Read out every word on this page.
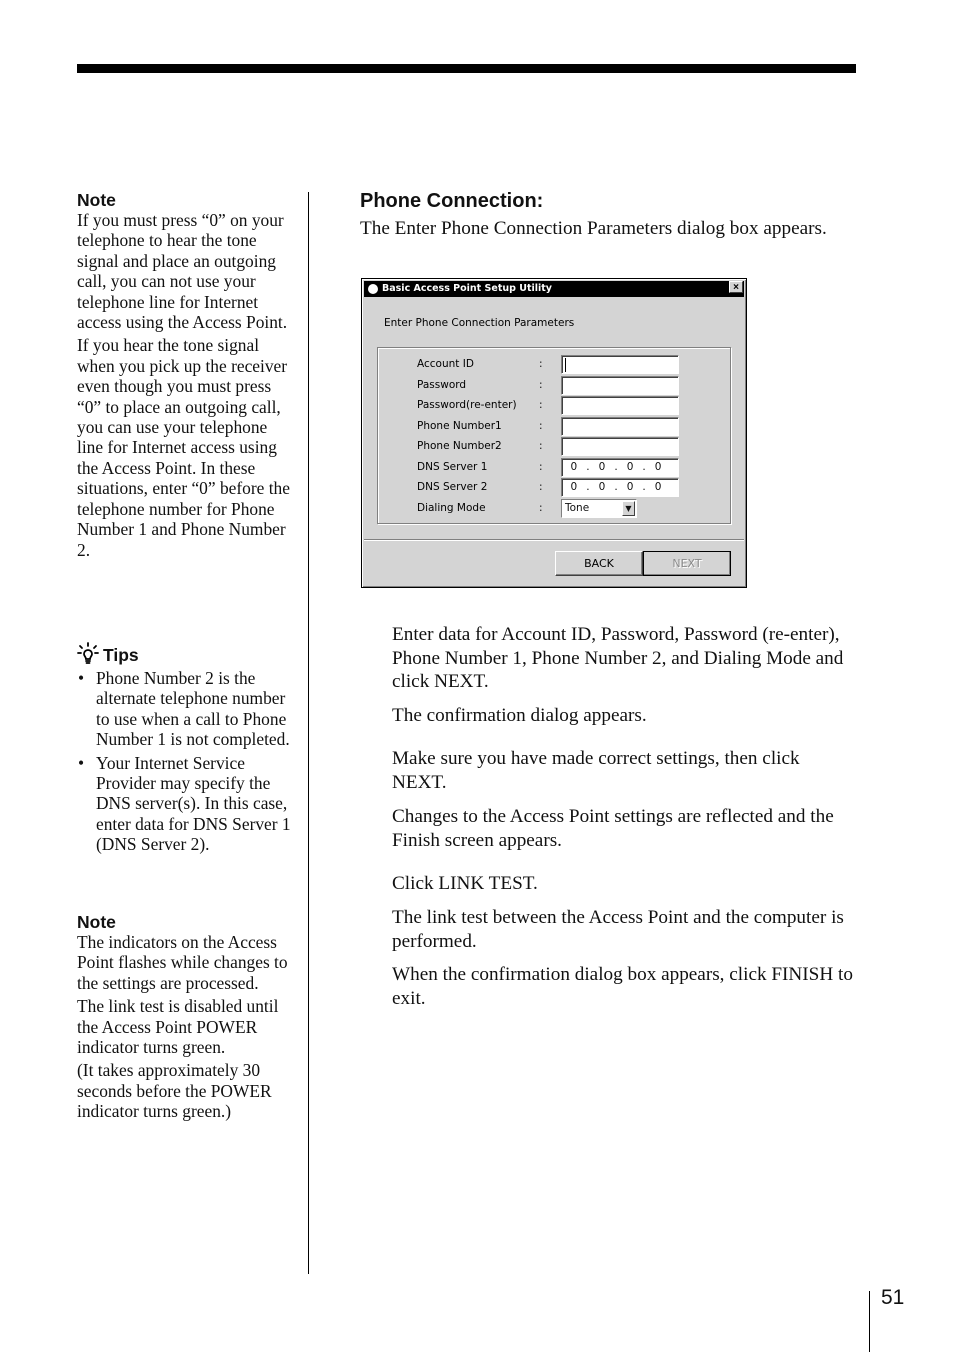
51
Note

If you must press “0” on your telephone to hear the tone signal and place an outgoing call, you can not use your telephone line for Internet access using the Access Point.

If you hear the tone signal when you pick up the receiver even though you must press “0” to place an outgoing call, you can use your telephone line for Internet access using the Access Point. In these situations, enter “0” before the telephone number for Phone Number 1 and Phone Number 2.

Tips
• Phone Number 2 is the alternate telephone number to use when a call to Phone Number 1 is not completed.
• Your Internet Service Provider may specify the DNS server(s). In this case, enter data for DNS Server 1 (DNS Server 2).
Note

The indicators on the Access Point flashes while changes to the settings are processed.

The link test is disabled until the Access Point POWER indicator turns green.

(It takes approximately 30 seconds before the POWER indicator turns green.)

Phone Connection:

The Enter Phone Connection Parameters dialog box appears.

Basic Access Point Setup Utility	×
Enter Phone Connection Parameters
Account ID	:
Password	:
Password(re-enter) :
Phone Number1	:
Phone Number2	:
DNS Server 1	:	0 . 0 . 0 . 0
DNS Server 2	:	0 . 0 . 0 . 0
Dialing Mode	:	Tone	▼
BACK	NEXT

Enter data for Account ID, Password, Password (re-enter), Phone Number 1, Phone Number 2, and Dialing Mode and click NEXT.

The confirmation dialog appears.

Make sure you have made correct settings, then click NEXT.

Changes to the Access Point settings are reflected and the Finish screen appears.

Click LINK TEST.

The link test between the Access Point and the computer is performed.

When the confirmation dialog box appears, click FINISH to exit.
